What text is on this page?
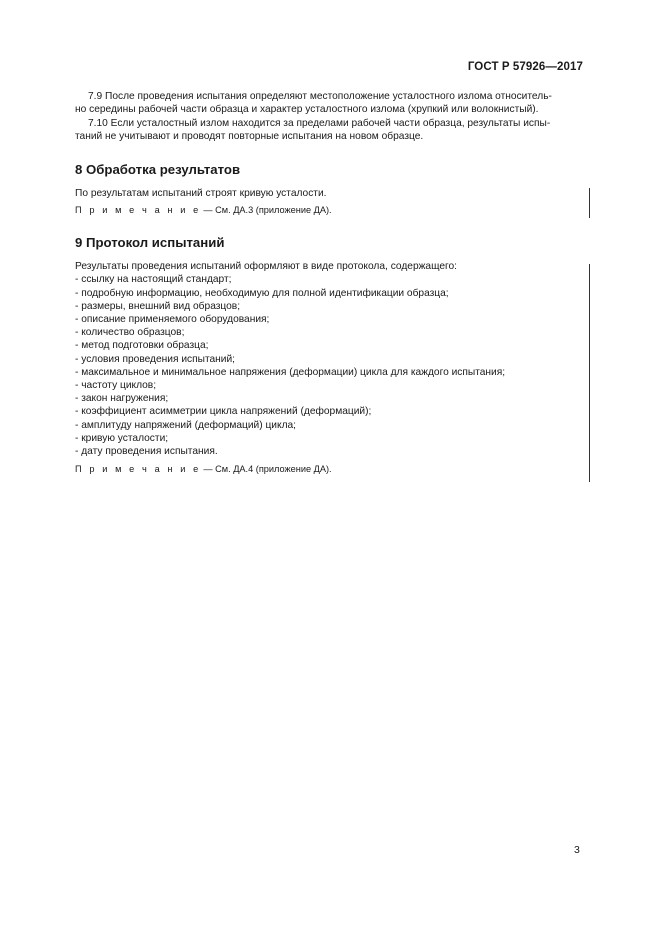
ГОСТ Р 57926—2017

7.9 После проведения испытания определяют местоположение усталостного излома относитель-

но середины рабочей части образца и характер усталостного излома (хрупкий или волокнистый).

7.10 Если усталостный излом находится за пределами рабочей части образца, результаты испы-

таний не учитывают и проводят повторные испытания на новом образце.

8 Обработка результатов

По результатам испытаний строят кривую усталости.

П р и м е ч а н и е — См. ДА.3 (приложение ДА).

9 Протокол испытаний

Результаты проведения испытаний оформляют в виде протокола, содержащего:

- ссылку на настоящий стандарт;
- подробную информацию, необходимую для полной идентификации образца;
- размеры, внешний вид образцов;
- описание применяемого оборудования;
- количество образцов;
- метод подготовки образца;
- условия проведения испытаний;
- максимальное и минимальное напряжения (деформации) цикла для каждого испытания;
- частоту циклов;
- закон нагружения;
- коэффициент асимметрии цикла напряжений (деформаций);
- амплитуду напряжений (деформаций) цикла;
- кривую усталости;
- дату проведения испытания.

П р и м е ч а н и е — См. ДА.4 (приложение ДА).

3
